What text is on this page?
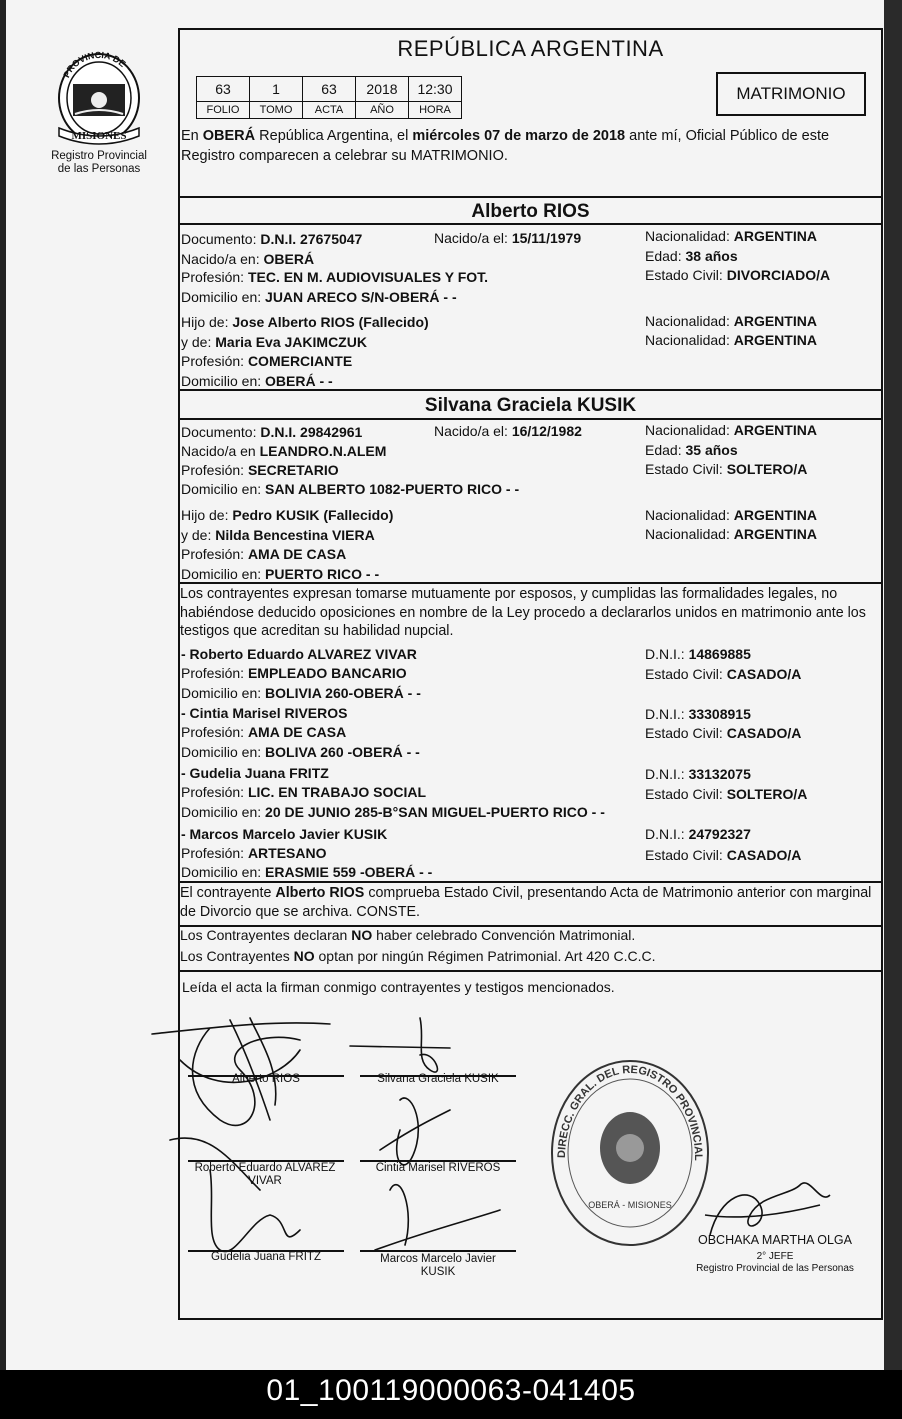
PROVINCIA DE
MISIONES
Registro Provincial
de las Personas
REPÚBLICA ARGENTINA
63	1	63	2018	12:30
FOLIO	TOMO	ACTA	AÑO	HORA
MATRIMONIO
En OBERÁ República Argentina, el miércoles 07 de marzo de 2018 ante mí, Oficial Público de este Registro comparecen a celebrar su MATRIMONIO.
Alberto RIOS
Documento: D.N.I. 27675047	Nacido/a el: 15/11/1979	Nacionalidad: ARGENTINA
Nacido/a en: OBERÁ	Edad: 38 años
Profesión: TEC. EN M. AUDIOVISUALES Y FOT.	Estado Civil: DIVORCIADO/A
Domicilio en: JUAN ARECO S/N-OBERÁ - -
Hijo de: Jose Alberto RIOS (Fallecido)	Nacionalidad: ARGENTINA
y de: Maria Eva JAKIMCZUK	Nacionalidad: ARGENTINA
Profesión: COMERCIANTE
Domicilio en: OBERÁ - -
Silvana Graciela KUSIK
Documento: D.N.I. 29842961	Nacido/a el: 16/12/1982	Nacionalidad: ARGENTINA
Nacido/a en LEANDRO.N.ALEM	Edad: 35 años
Profesión: SECRETARIO	Estado Civil: SOLTERO/A
Domicilio en: SAN ALBERTO 1082-PUERTO RICO - -
Hijo de: Pedro KUSIK (Fallecido)	Nacionalidad: ARGENTINA
y de: Nilda Bencestina VIERA	Nacionalidad: ARGENTINA
Profesión: AMA DE CASA
Domicilio en: PUERTO RICO - -
Los contrayentes expresan tomarse mutuamente por esposos, y cumplidas las formalidades legales, no habiéndose deducido oposiciones en nombre de la Ley procedo a declararlos unidos en matrimonio ante los testigos que acreditan su habilidad nupcial.
- Roberto Eduardo ALVAREZ VIVAR	D.N.I.: 14869885
Profesión: EMPLEADO BANCARIO	Estado Civil: CASADO/A
Domicilio en: BOLIVIA 260-OBERÁ - -
- Cintia Marisel RIVEROS	D.N.I.: 33308915
Profesión: AMA DE CASA	Estado Civil: CASADO/A
Domicilio en: BOLIVA 260 -OBERÁ - -
- Gudelia Juana FRITZ	D.N.I.: 33132075
Profesión: LIC. EN TRABAJO SOCIAL	Estado Civil: SOLTERO/A
Domicilio en: 20 DE JUNIO 285-B°SAN MIGUEL-PUERTO RICO - -
- Marcos Marcelo Javier KUSIK	D.N.I.: 24792327
Profesión: ARTESANO	Estado Civil: CASADO/A
Domicilio en: ERASMIE 559 -OBERÁ - -
El contrayente Alberto RIOS comprueba Estado Civil, presentando Acta de Matrimonio anterior con marginal de Divorcio que se archiva. CONSTE.
Los Contrayentes declaran NO haber celebrado Convención Matrimonial.
Los Contrayentes NO optan por ningún Régimen Patrimonial. Art 420 C.C.C.
Leída el acta la firman conmigo contrayentes y testigos mencionados.
Alberto RIOS	Silvana Graciela KUSIK
Roberto Eduardo ALVAREZ
VIVAR
Cintia Marisel RIVEROS
Gudelia Juana FRITZ	Marcos Marcelo Javier
KUSIK
OBCHAKA MARTHA OLGA
2° JEFE
Registro Provincial de las Personas
DIRECC. GRAL. DEL REGISTRO PROVINCIAL DE LAS PERSONAS
OBERÁ - MISIONES
01_100119000063-041405
